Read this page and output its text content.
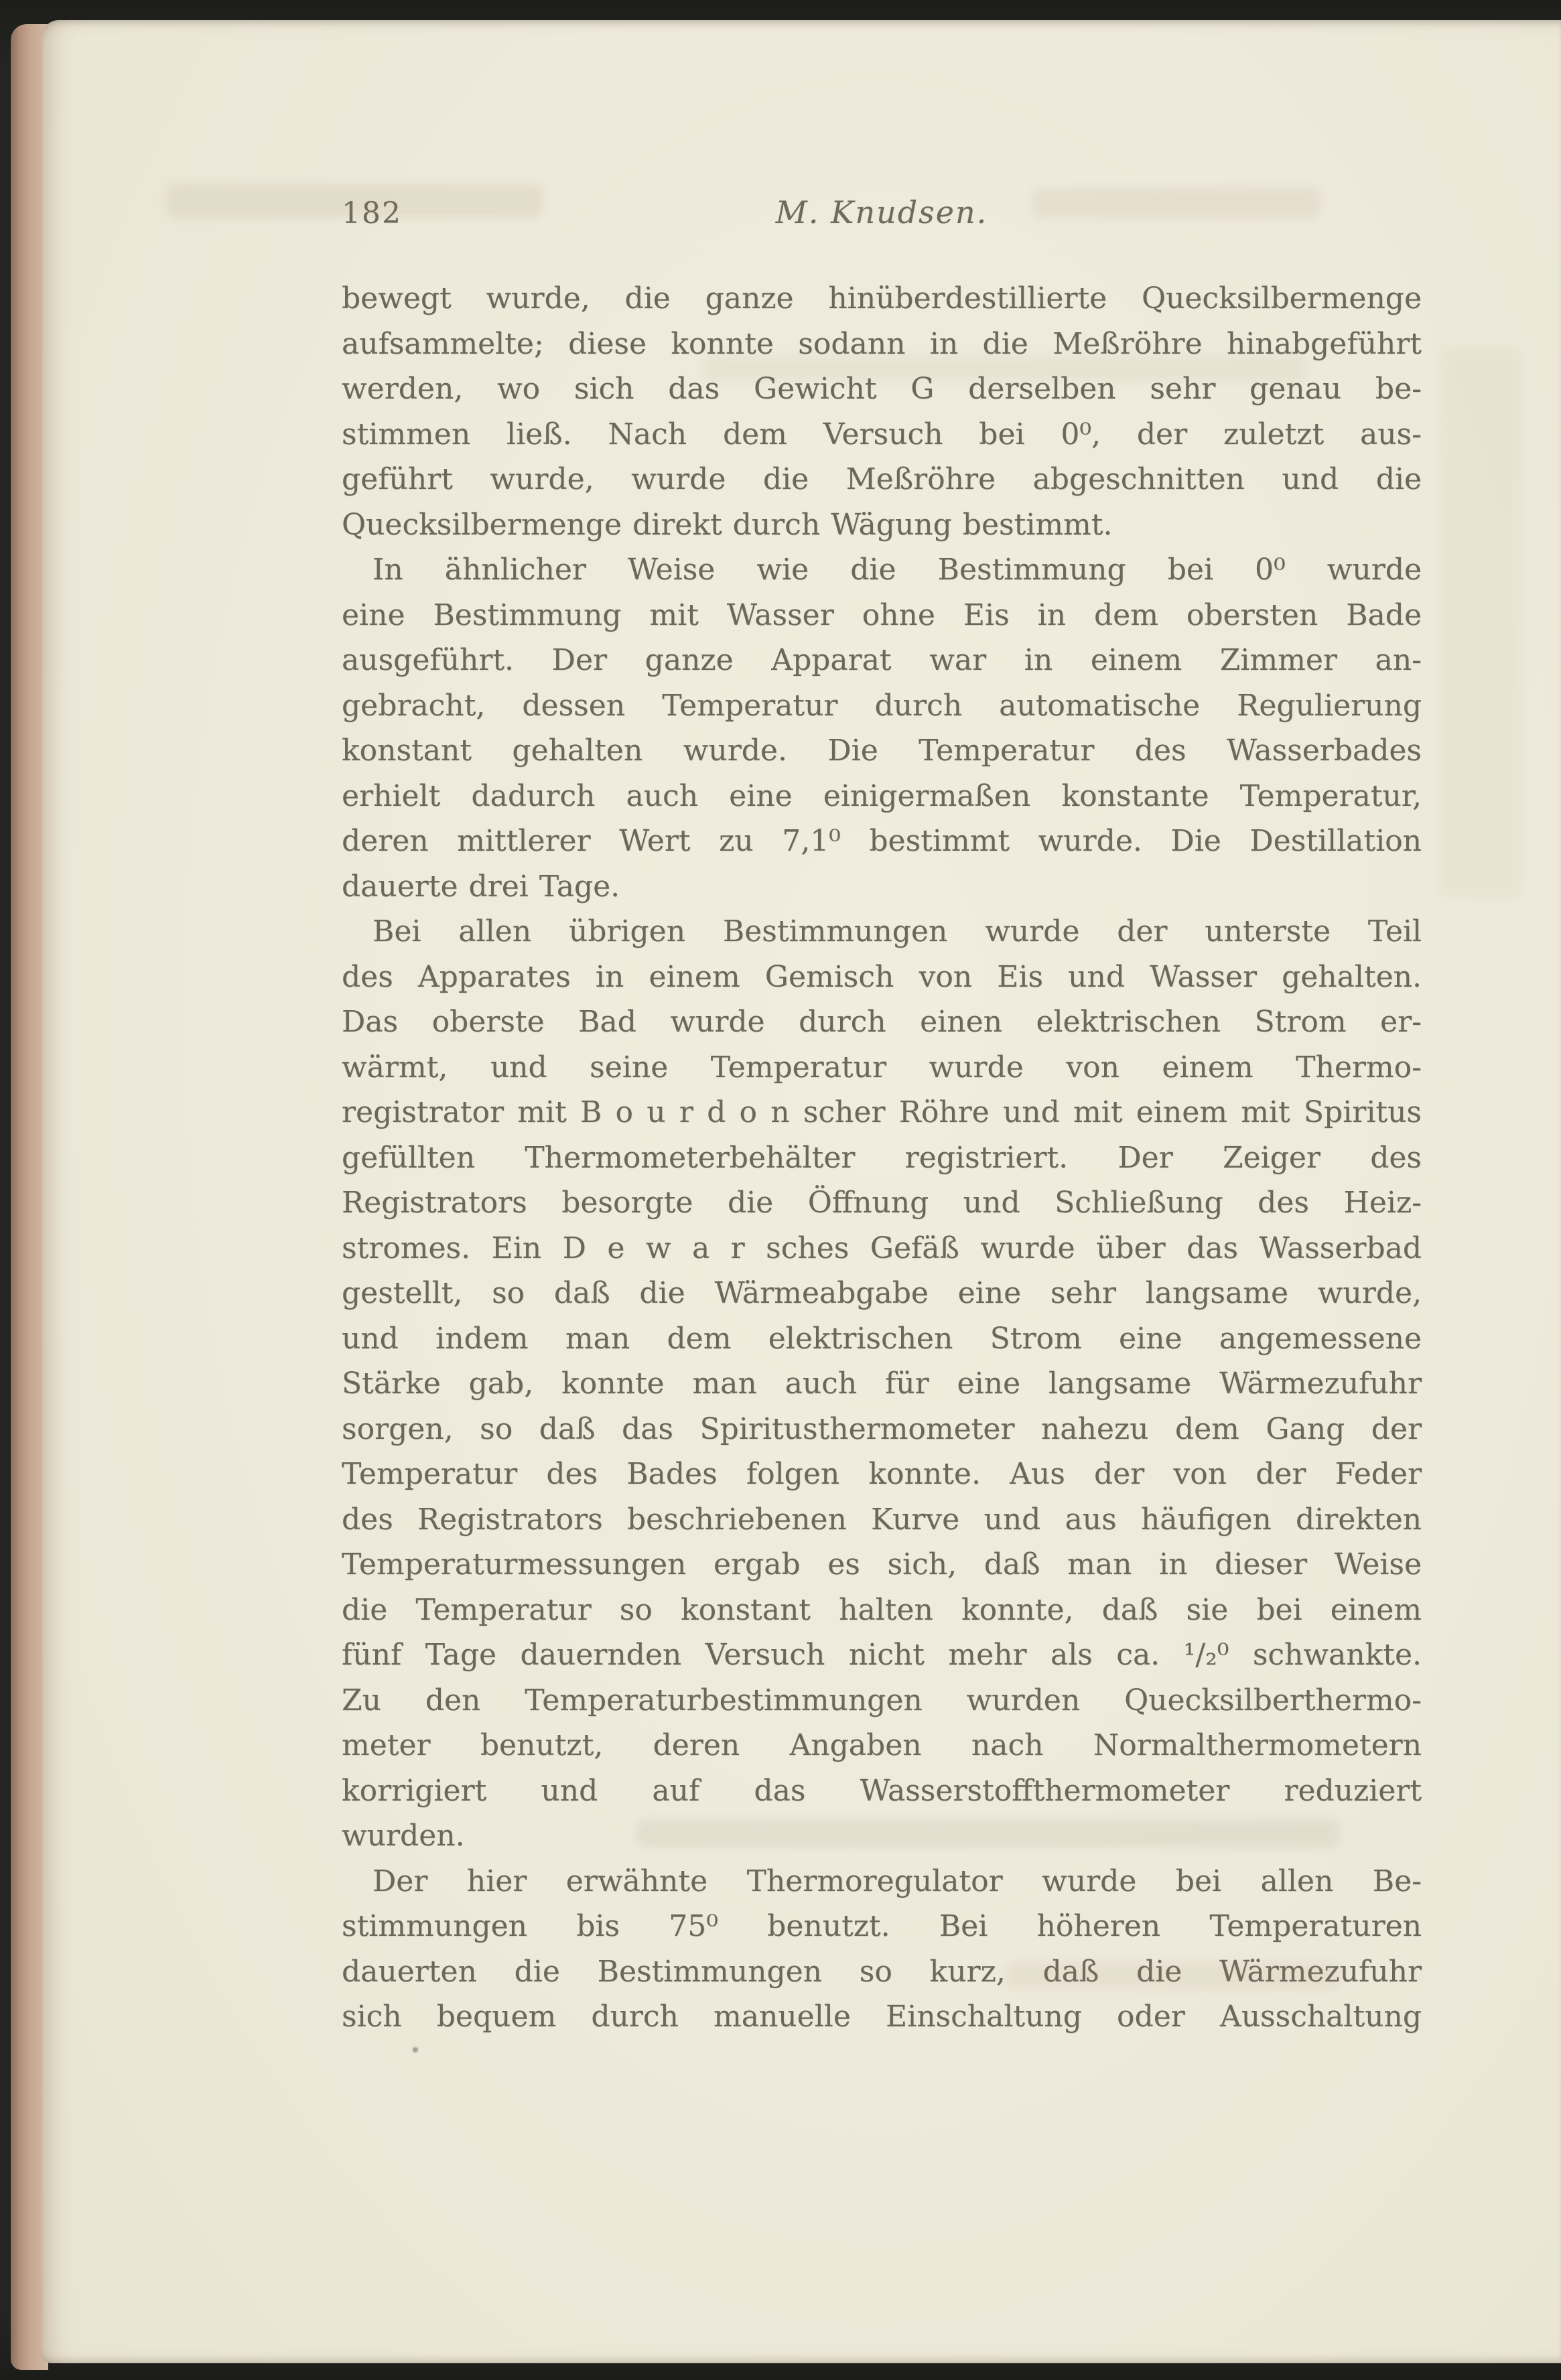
182	M. Knudsen.
bewegt wurde, die ganze hinüberdestillierte Quecksilbermenge
aufsammelte; diese konnte sodann in die Meßröhre hinabgeführt
werden, wo sich das Gewicht G derselben sehr genau be-
stimmen ließ. Nach dem Versuch bei 0⁰, der zuletzt aus-
geführt wurde, wurde die Meßröhre abgeschnitten und die
Quecksilbermenge direkt durch Wägung bestimmt.
In ähnlicher Weise wie die Bestimmung bei 0⁰ wurde
eine Bestimmung mit Wasser ohne Eis in dem obersten Bade
ausgeführt. Der ganze Apparat war in einem Zimmer an-
gebracht, dessen Temperatur durch automatische Regulierung
konstant gehalten wurde. Die Temperatur des Wasserbades
erhielt dadurch auch eine einigermaßen konstante Temperatur,
deren mittlerer Wert zu 7,1⁰ bestimmt wurde. Die Destillation
dauerte drei Tage.
Bei allen übrigen Bestimmungen wurde der unterste Teil
des Apparates in einem Gemisch von Eis und Wasser gehalten.
Das oberste Bad wurde durch einen elektrischen Strom er-
wärmt, und seine Temperatur wurde von einem Thermo-
registrator mit B o u r d o n scher Röhre und mit einem mit Spiritus
gefüllten Thermometerbehälter registriert. Der Zeiger des
Registrators besorgte die Öffnung und Schließung des Heiz-
stromes. Ein D e w a r sches Gefäß wurde über das Wasserbad
gestellt, so daß die Wärmeabgabe eine sehr langsame wurde,
und indem man dem elektrischen Strom eine angemessene
Stärke gab, konnte man auch für eine langsame Wärmezufuhr
sorgen, so daß das Spiritusthermometer nahezu dem Gang der
Temperatur des Bades folgen konnte. Aus der von der Feder
des Registrators beschriebenen Kurve und aus häufigen direkten
Temperaturmessungen ergab es sich, daß man in dieser Weise
die Temperatur so konstant halten konnte, daß sie bei einem
fünf Tage dauernden Versuch nicht mehr als ca. ¹/₂⁰ schwankte.
Zu den Temperaturbestimmungen wurden Quecksilberthermo-
meter benutzt, deren Angaben nach Normalthermometern
korrigiert und auf das Wasserstoffthermometer reduziert
wurden.
Der hier erwähnte Thermoregulator wurde bei allen Be-
stimmungen bis 75⁰ benutzt. Bei höheren Temperaturen
dauerten die Bestimmungen so kurz, daß die Wärmezufuhr
sich bequem durch manuelle Einschaltung oder Ausschaltung
